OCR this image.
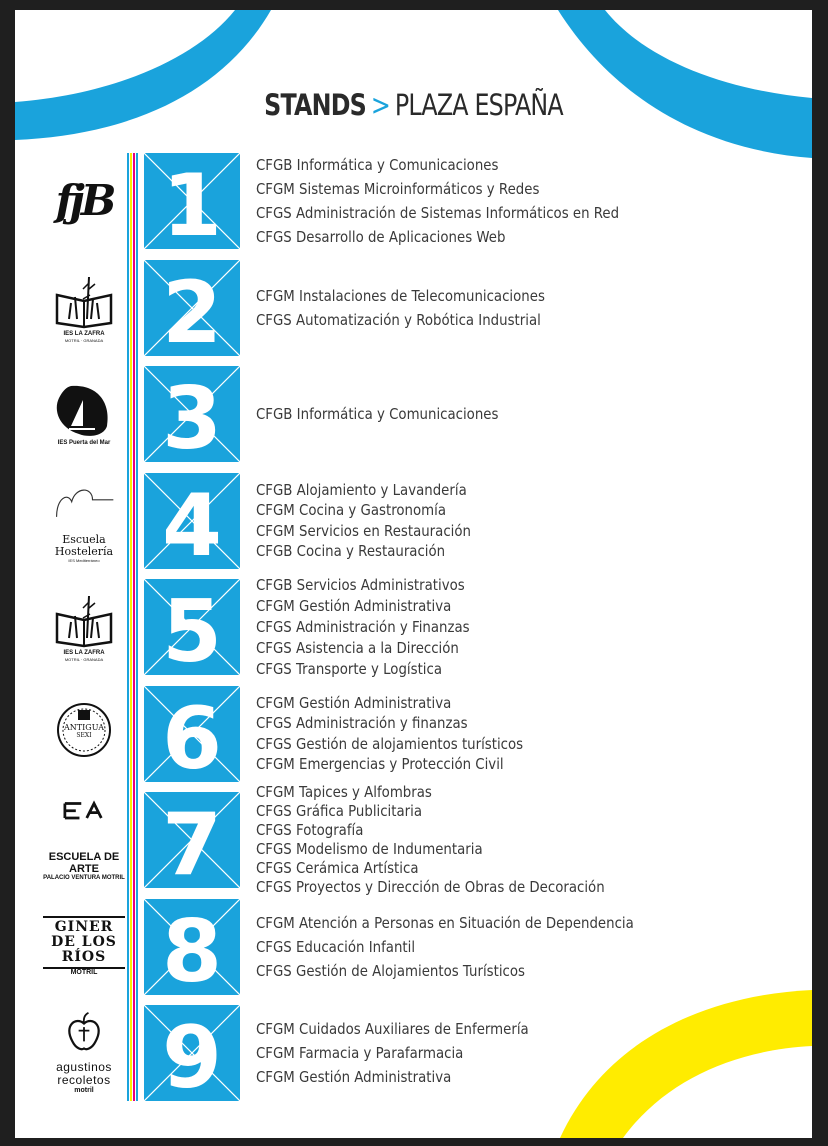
STANDS > PLAZA ESPAÑA
fjB 1 CFGB Informática y Comunicaciones
CFGM Sistemas Microinformáticos y Redes
CFGS Administración de Sistemas Informáticos en Red
CFGS Desarrollo de Aplicaciones Web
IES LA ZAFRA
MOTRIL · GRANADA 2 CFGM Instalaciones de Telecomunicaciones
CFGS Automatización y Robótica Industrial
IES Puerta del Mar 3 CFGB Informática y Comunicaciones
Escuela Hostelería
IES Mediterráneo 4 CFGB Alojamiento y Lavandería
CFGM Cocina y Gastronomía
CFGM Servicios en Restauración
CFGB Cocina y Restauración
IES LA ZAFRA
MOTRIL · GRANADA 5 CFGB Servicios Administrativos
CFGM Gestión Administrativa
CFGS Administración y Finanzas
CFGS Asistencia a la Dirección
CFGS Transporte y Logística
ANTIGUA
SEXI 6 CFGM Gestión Administrativa
CFGS Administración y finanzas
CFGS Gestión de alojamientos turísticos
CFGM Emergencias y Protección Civil
ESCUELA DE ARTE
PALACIO VENTURA MOTRIL 7
CFGM Tapices y Alfombras
CFGS Gráfica Publicitaria
CFGS Fotografía
CFGS Modelismo de Indumentaria
CFGS Cerámica Artística
CFGS Proyectos y Dirección de Obras de Decoración
GINER DE LOS RÍOS
MOTRIL 8 CFGM Atención a Personas en Situación de Dependencia
CFGS Educación Infantil
CFGS Gestión de Alojamientos Turísticos
agustinos recoletos
motril 9 CFGM Cuidados Auxiliares de Enfermería
CFGM Farmacia y Parafarmacia
CFGM Gestión Administrativa
